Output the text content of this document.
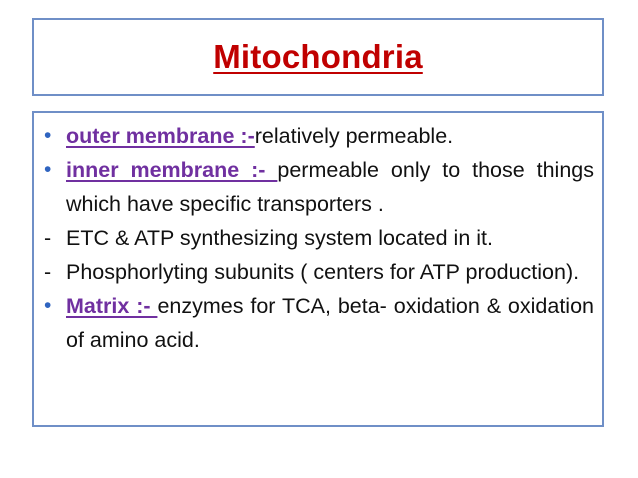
Mitochondria
• outer membrane :-relatively permeable.
• inner membrane :- permeable only to those things which have specific transporters .
- ETC & ATP synthesizing system located in it.
- Phosphorlyting subunits ( centers for ATP production).
• Matrix :- enzymes for TCA, beta- oxidation & oxidation of amino acid.
